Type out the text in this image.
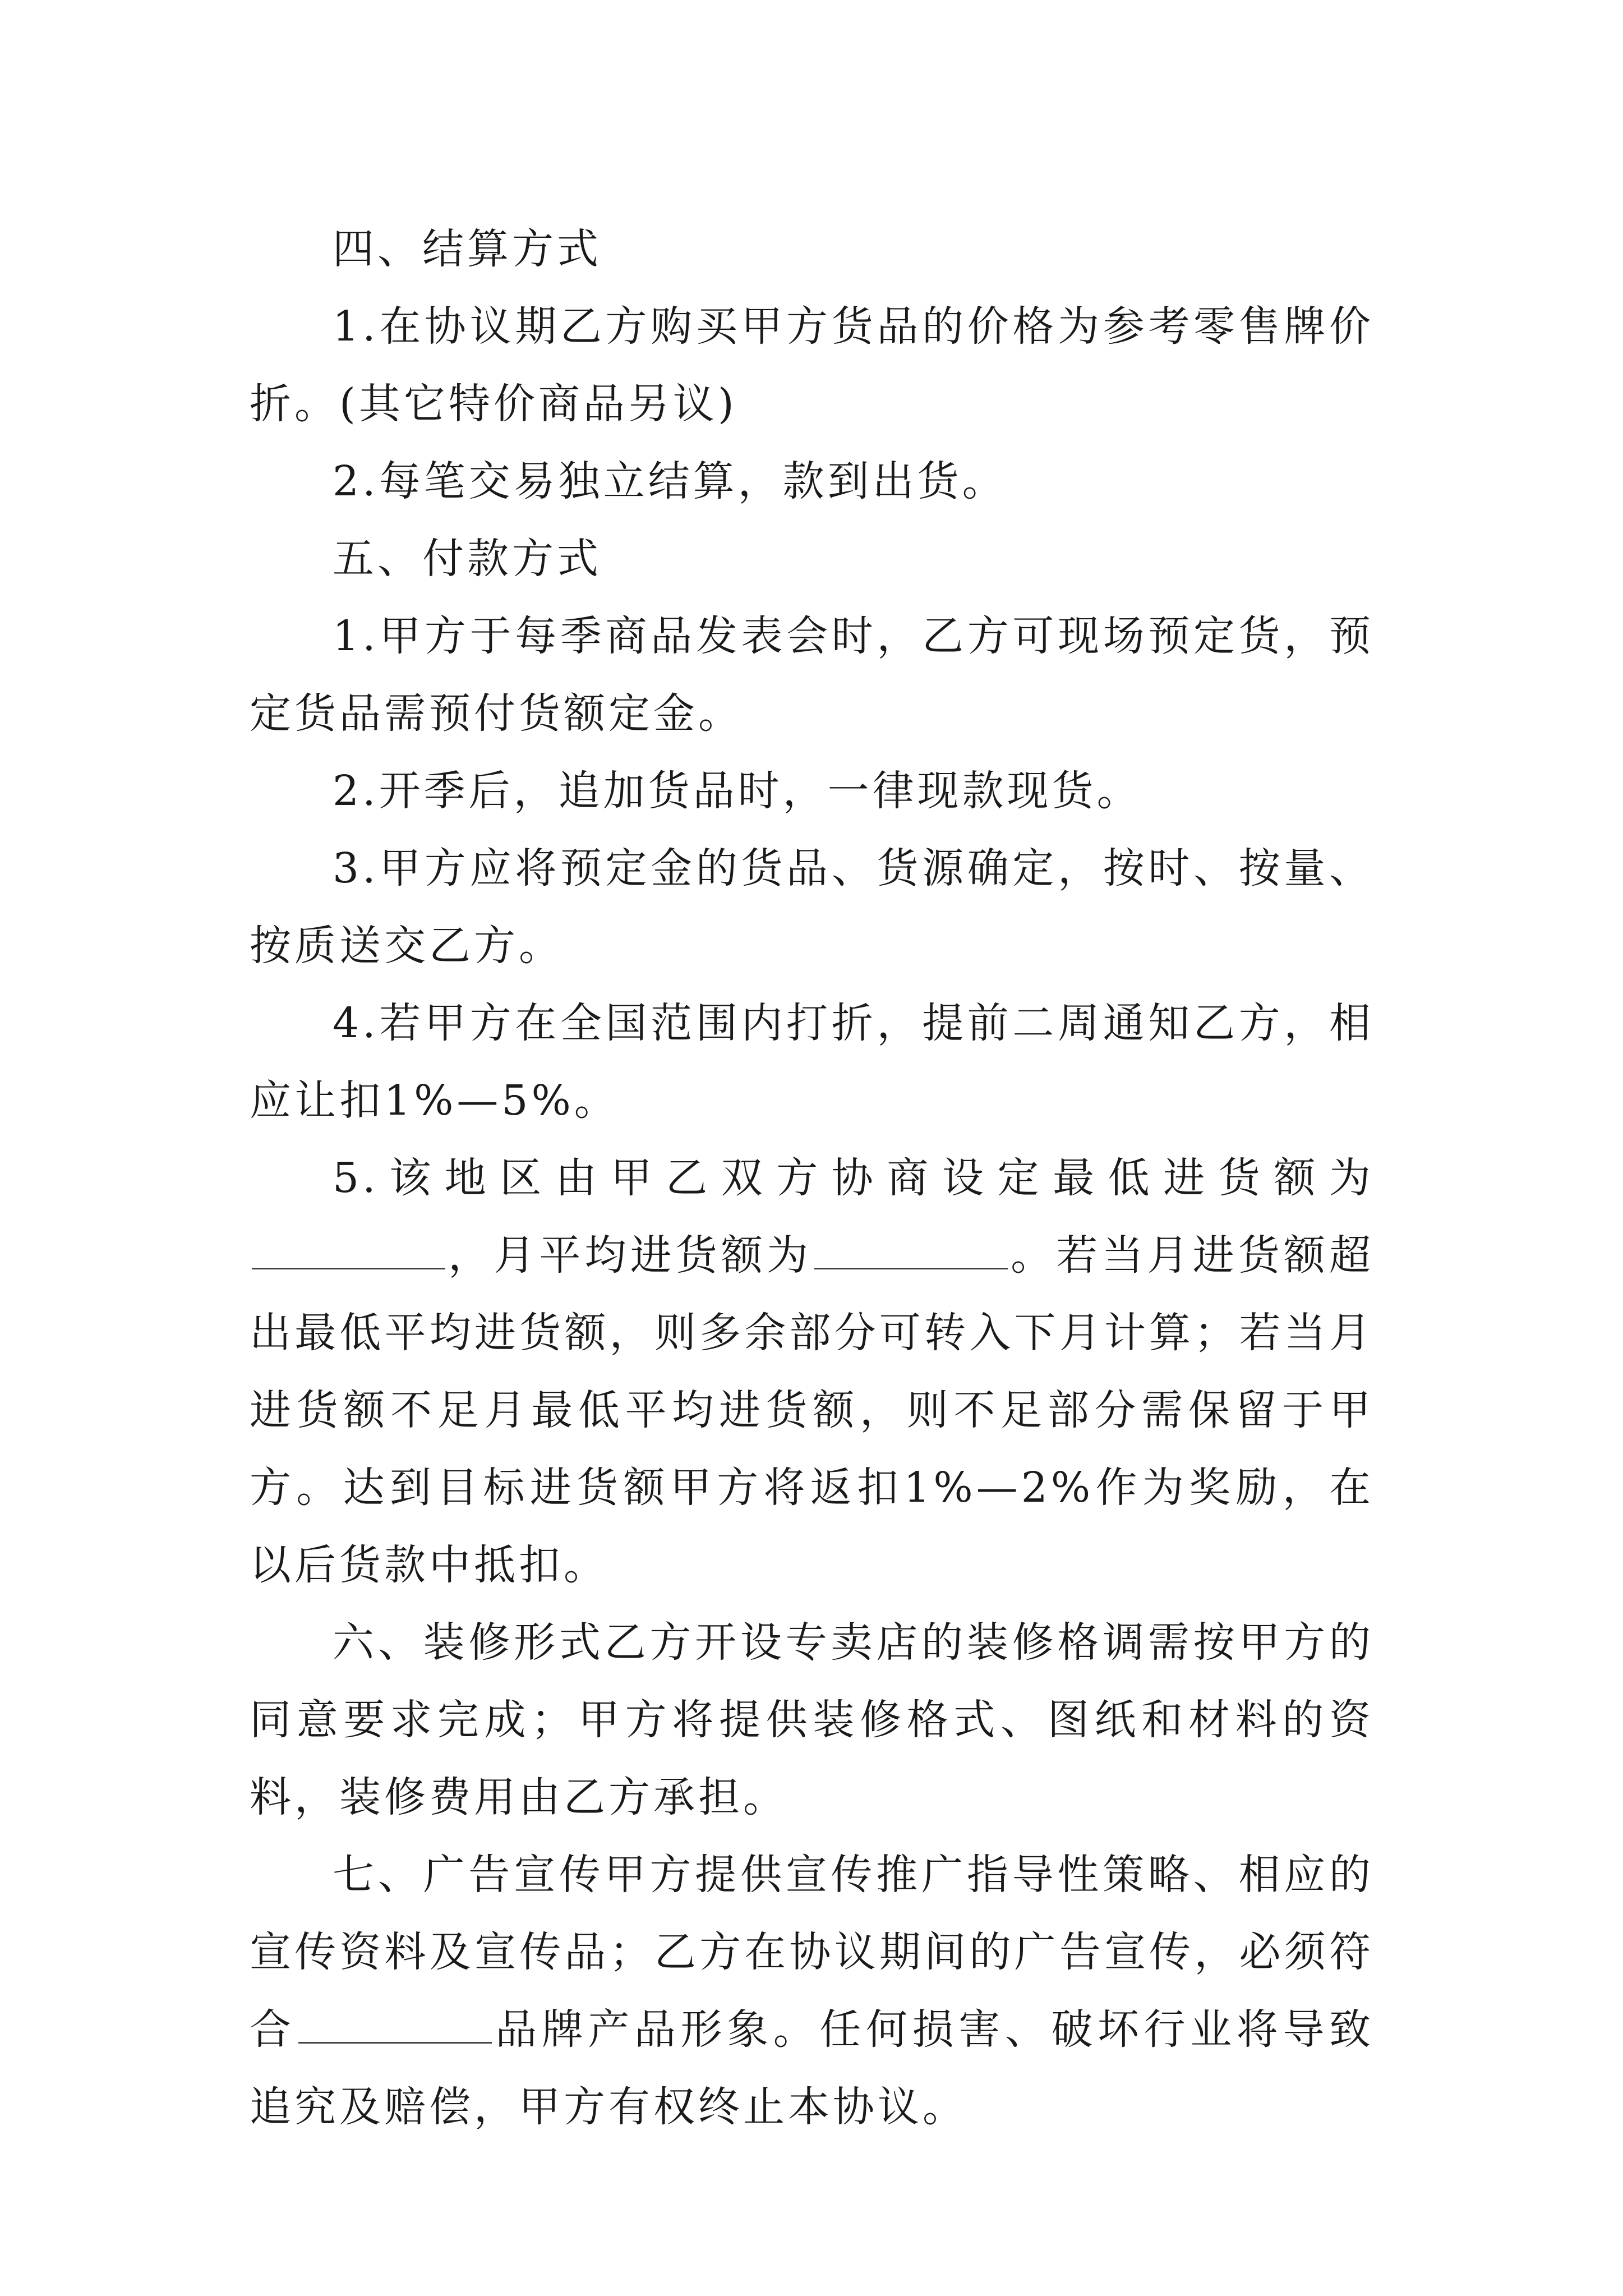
四、结算方式

1.在协议期乙方购买甲方货品的价格为参考零售牌价折。(其它特价商品另议)

2.每笔交易独立结算，款到出货。

五、付款方式

1.甲方于每季商品发表会时，乙方可现场预定货，预定货品需预付货额定金。

2.开季后，追加货品时，一律现款现货。

3.甲方应将预定金的货品、货源确定，按时、按量、按质送交乙方。

4.若甲方在全国范围内打折，提前二周通知乙方，相应让扣1%—5%。

5.该地区由甲乙双方协商设定最低进货额为，月平均进货额为	。若当月进货额超出最低平均进货额，则多余部分可转入下月计算；若当月进货额不足月最低平均进货额，则不足部分需保留于甲方。达到目标进货额甲方将返扣1%—2%作为奖励，在以后货款中抵扣。

六、装修形式乙方开设专卖店的装修格调需按甲方的同意要求完成；甲方将提供装修格式、图纸和材料的资料，装修费用由乙方承担。

七、广告宣传甲方提供宣传推广指导性策略、相应的宣传资料及宣传品；乙方在协议期间的广告宣传，必须符合	品牌产品形象。任何损害、破坏行业将导致追究及赔偿，甲方有权终止本协议。
